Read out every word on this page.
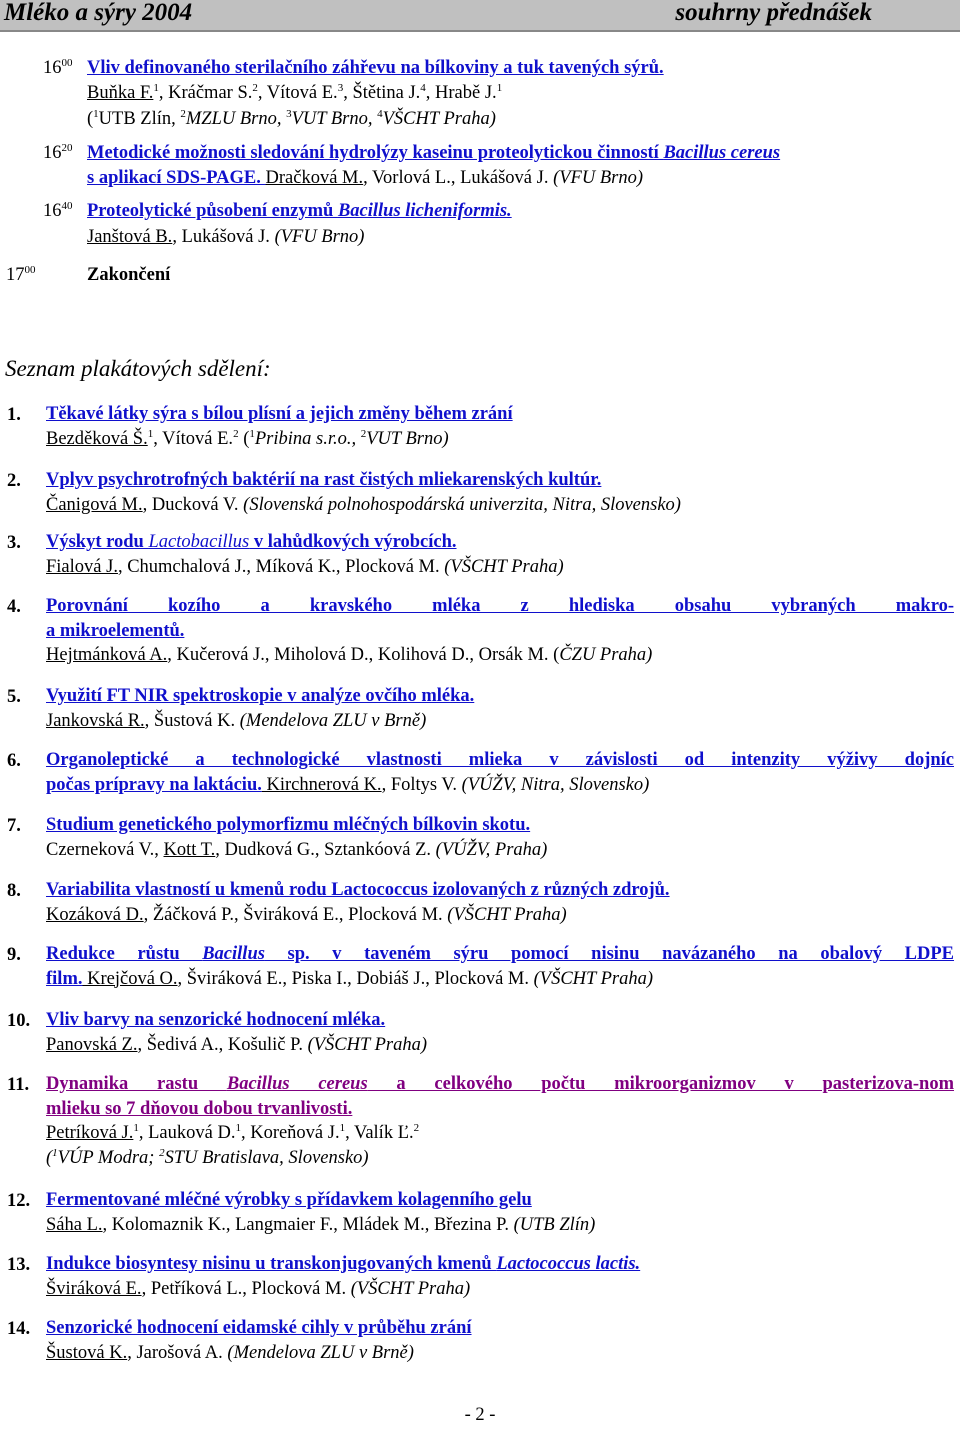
Mléko a sýry 2004	souhrny přednášek
$16^{00}$ Vliv definovaného sterilačního záhřevu na bílkoviny a tuk tavených sýrů.
Buňka F.$^1$, Kráčmar S.$^2$, Vítová E.$^3$, Štětina J.$^4$, Hrabě J.$^1$
($^1$UTB Zlín, $^2$MZLU Brno, $^3$VUT Brno, $^4$VŠCHT Praha)
$16^{20}$ Metodické možnosti sledování hydrolýzy kaseinu proteolytickou činností Bacillus cereus
s aplikací SDS-PAGE. Dračková M., Vorlová L., Lukášová J. (VFU Brno)
$16^{40}$ Proteolytické působení enzymů Bacillus licheniformis.
Janštová B., Lukášová J. (VFU Brno)
$17^{00}$	Zakončení
Seznam plakátových sdělení:
1.	Těkavé látky sýra s bílou plísní a jejich změny během zrání
Bezděková Š.$^1$, Vítová E.$^2$ ($^1$Pribina s.r.o., $^2$VUT Brno)
2.	Vplyv psychrotrofných baktérií na rast čistých mliekarenských kultúr.
Čanigová M., Ducková V. (Slovenská polnohospodárská univerzita, Nitra, Slovensko)
3.	Výskyt rodu Lactobacillus v lahůdkových výrobcích.
Fialová J., Chumchalová J., Míková K., Plocková M. (VŠCHT Praha)
4.	Porovnání kozího a kravského mléka z hlediska obsahu vybraných makro-
a mikroelementů.
Hejtmánková A., Kučerová J., Miholová D., Kolihová D., Orsák M. (ČZU Praha)
5.	Využití FT NIR spektroskopie v analýze ovčího mléka.
Jankovská R., Šustová K. (Mendelova ZLU v Brně)
6.	Organoleptické a technologické vlastnosti mlieka v závislosti od intenzity výživy dojníc
počas prípravy na laktáciu. Kirchnerová K., Foltys V. (VÚŽV, Nitra, Slovensko)
7.	Studium genetického polymorfizmu mléčných bílkovin skotu.
Czerneková V., Kott T., Dudková G., Sztankóová Z. (VÚŽV, Praha)
8.	Variabilita vlastností u kmenů rodu Lactococcus izolovaných z různých zdrojů.
Kozáková D., Žáčková P., Šviráková E., Plocková M. (VŠCHT Praha)
9.	Redukce růstu Bacillus sp. v taveném sýru pomocí nisinu navázaného na obalový LDPE
film. Krejčová O., Šviráková E., Piska I., Dobiáš J., Plocková M. (VŠCHT Praha)
10. Vliv barvy na senzorické hodnocení mléka.
Panovská Z., Šedivá A., Košulič P. (VŠCHT Praha)
11. Dynamika rastu Bacillus cereus a celkového počtu mikroorganizmov v pasterizova-nom
mlieku so 7 dňovou dobou trvanlivosti.
Petríková J.$^1$, Lauková D.$^1$, Koreňová J.$^1$, Valík Ľ.$^2$
($^1$VÚP Modra; $^2$STU Bratislava, Slovensko)
12. Fermentované mléčné výrobky s přídavkem kolagenního gelu
Sáha L., Kolomaznik K., Langmaier F., Mládek M., Březina P. (UTB Zlín)
13. Indukce biosyntesy nisinu u transkonjugovaných kmenů Lactococcus lactis.
Šviráková E., Petříková L., Plocková M. (VŠCHT Praha)
14. Senzorické hodnocení eidamské cihly v průběhu zrání
Šustová K., Jarošová A. (Mendelova ZLU v Brně)
- 2 -
